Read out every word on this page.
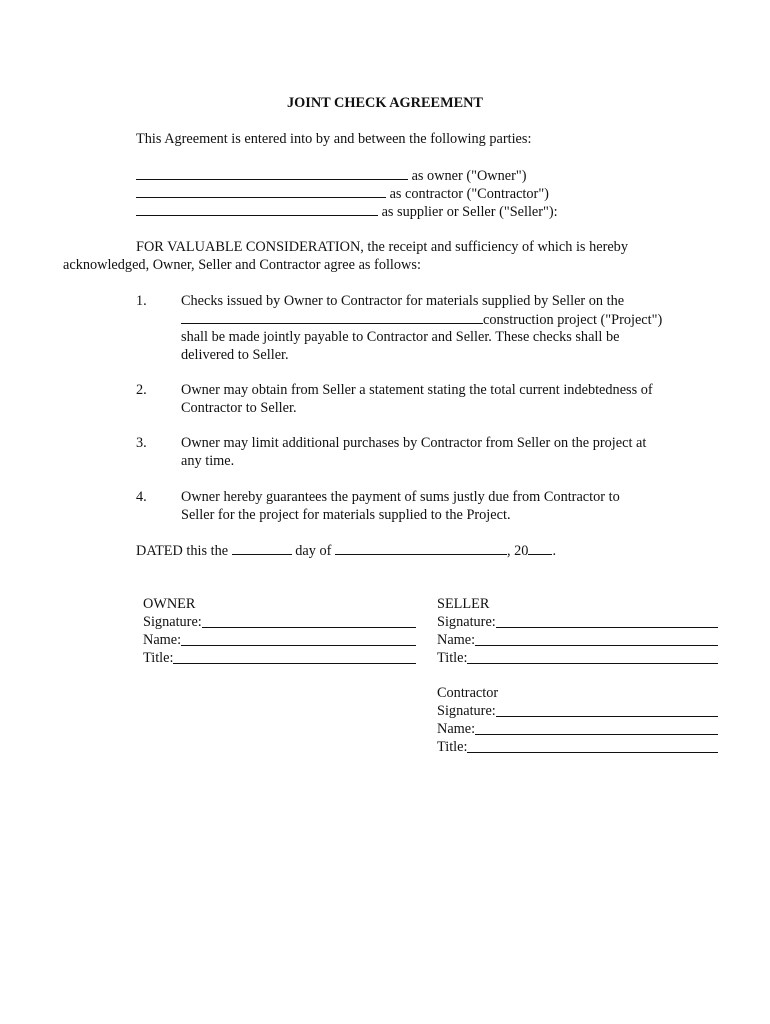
JOINT CHECK AGREEMENT
This Agreement is entered into by and between the following parties:
as owner ("Owner")
as contractor ("Contractor")
as supplier or Seller ("Seller"):
FOR VALUABLE CONSIDERATION, the receipt and sufficiency of which is hereby
acknowledged, Owner, Seller and Contractor agree as follows:
1.	Checks issued by Owner to Contractor for materials supplied by Seller on the
construction project ("Project")
shall be made jointly payable to Contractor and Seller. These checks shall be
delivered to Seller.
2.	Owner may obtain from Seller a statement stating the total current indebtedness of
Contractor to Seller.
3.	Owner may limit additional purchases by Contractor from Seller on the project at
any time.
4.	Owner hereby guarantees the payment of sums justly due from Contractor to
Seller for the project for materials supplied to the Project.
DATED this the	day of	, 20 .
OWNER
Signature:
Name:
Title:
SELLER
Signature:
Name:
Title:
Contractor
Signature:
Name:
Title:
